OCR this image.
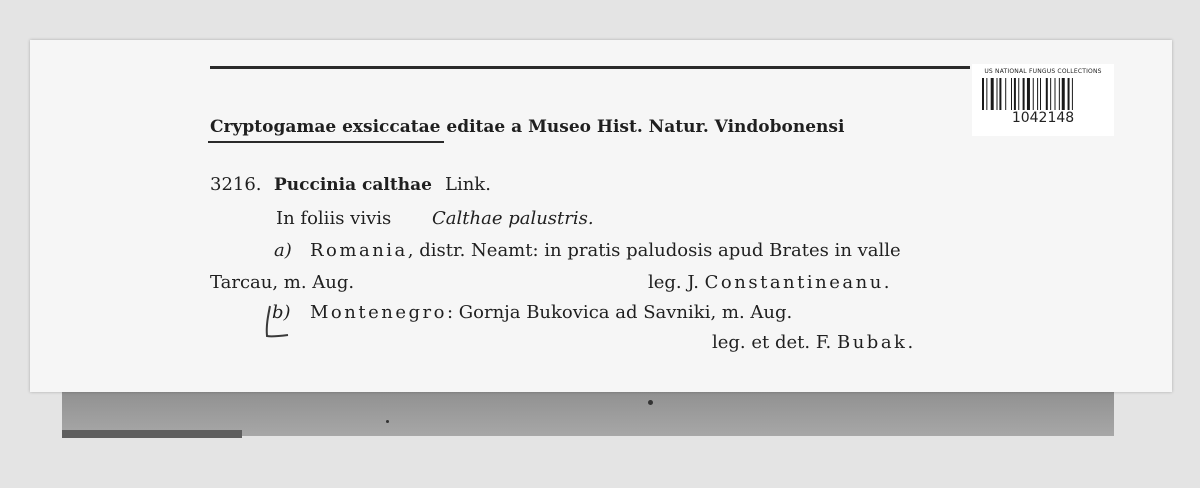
US NATIONAL FUNGUS COLLECTIONS
1042148
Cryptogamae exsiccatae editae a Museo Hist. Natur. Vindobonensi
3216. Puccinia calthae Link.
In foliis vivis Calthae palustris.
a) Romania, distr. Neamt: in pratis paludosis apud Brates in valle
Tarcau, m. Aug.	leg. J. Constantineanu.
b) Montenegro: Gornja Bukovica ad Savniki, m. Aug.
leg. et det. F. Bubak.
